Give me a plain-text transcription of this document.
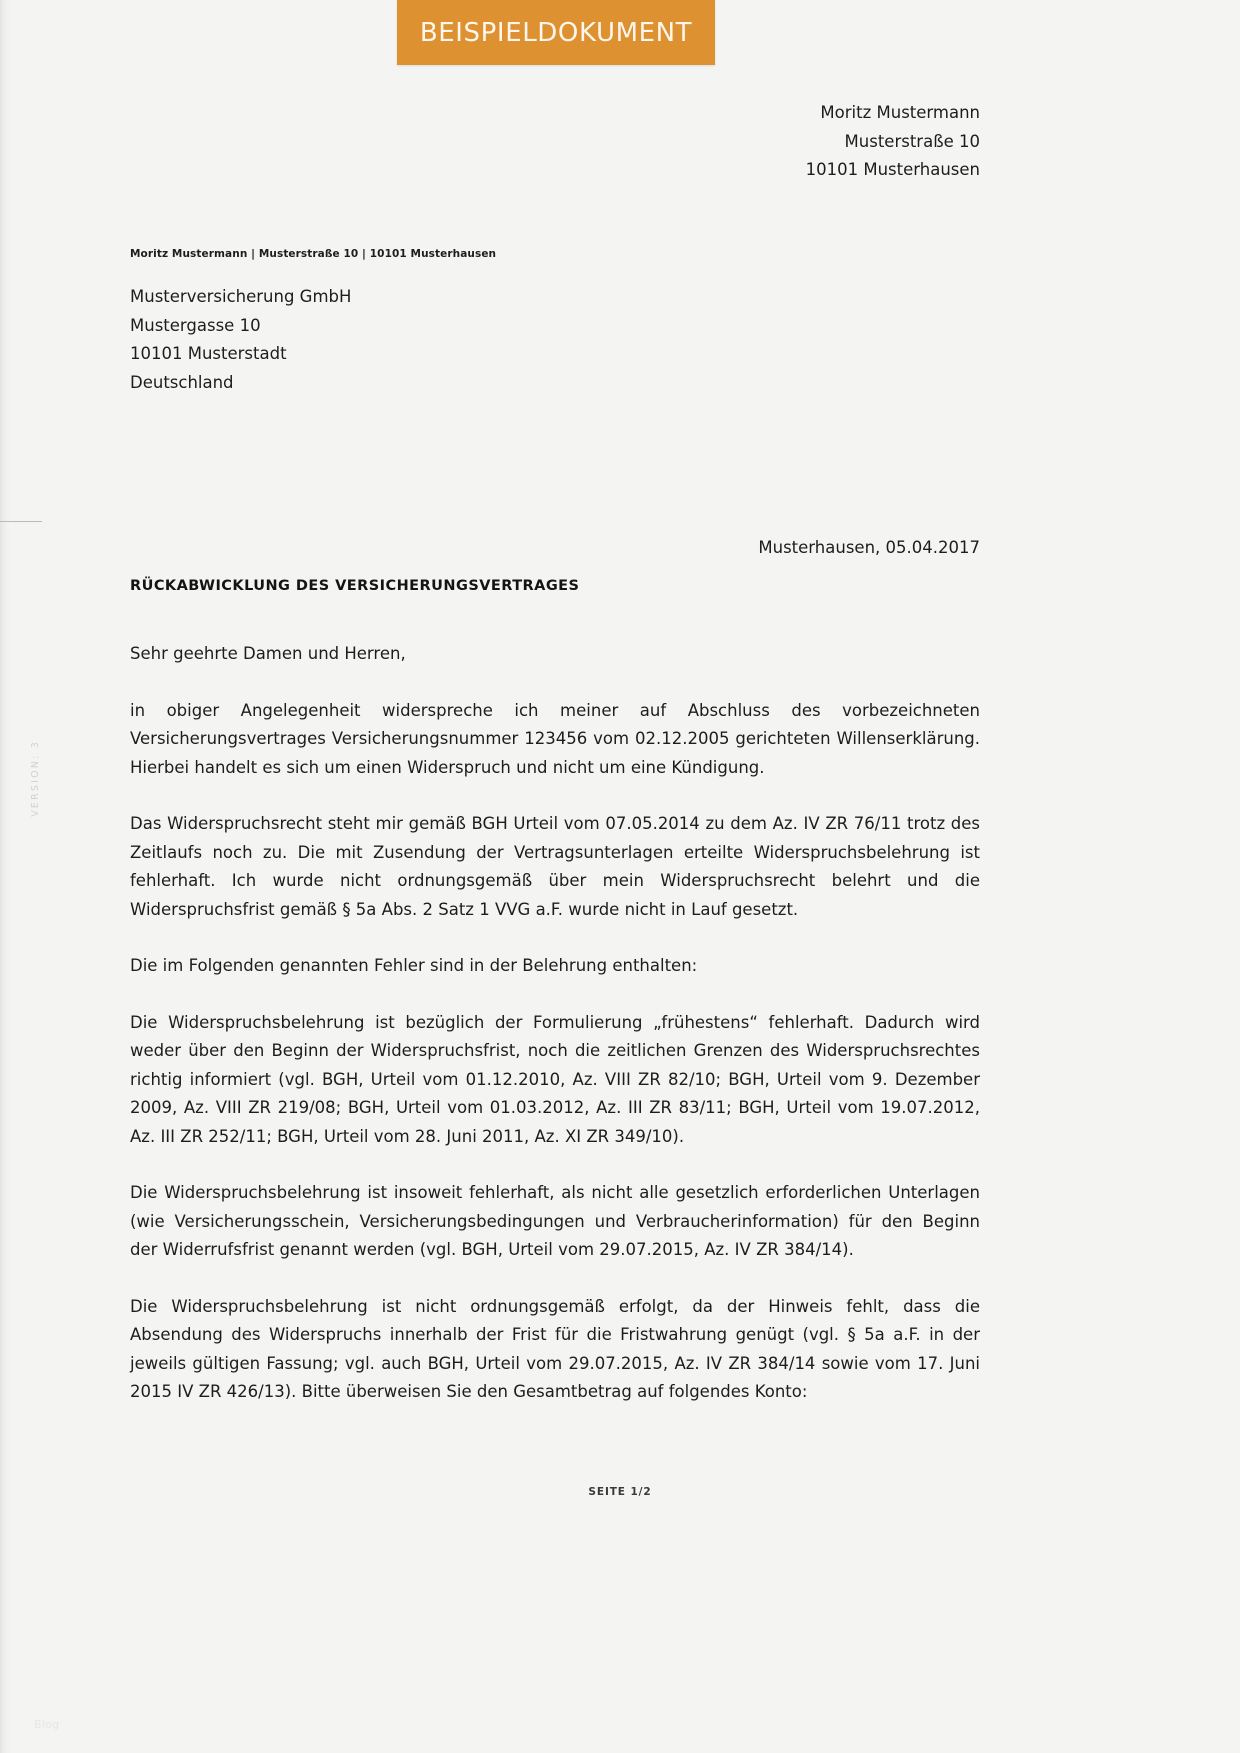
BEISPIELDOKUMENT
Moritz Mustermann
Musterstraße 10
10101 Musterhausen
Moritz Mustermann | Musterstraße 10 | 10101 Musterhausen
Musterversicherung GmbH
Mustergasse 10
10101 Musterstadt
Deutschland
VERSION: 3
Musterhausen, 05.04.2017
RÜCKABWICKLUNG DES VERSICHERUNGSVERTRAGES

Sehr geehrte Damen und Herren,

in obiger Angelegenheit widerspreche ich meiner auf Abschluss des vorbezeichneten Versicherungsvertrages Versicherungsnummer 123456 vom 02.12.2005 gerichteten Willenserklärung. Hierbei handelt es sich um einen Widerspruch und nicht um eine Kündigung.

Das Widerspruchsrecht steht mir gemäß BGH Urteil vom 07.05.2014 zu dem Az. IV ZR 76/11 trotz des Zeitlaufs noch zu. Die mit Zusendung der Vertragsunterlagen erteilte Widerspruchsbelehrung ist fehlerhaft. Ich wurde nicht ordnungsgemäß über mein Widerspruchsrecht belehrt und die Widerspruchsfrist gemäß § 5a Abs. 2 Satz 1 VVG a.F. wurde nicht in Lauf gesetzt.

Die im Folgenden genannten Fehler sind in der Belehrung enthalten:

Die Widerspruchsbelehrung ist bezüglich der Formulierung „frühestens“ fehlerhaft. Dadurch wird weder über den Beginn der Widerspruchsfrist, noch die zeitlichen Grenzen des Widerspruchsrechtes richtig informiert (vgl. BGH, Urteil vom 01.12.2010, Az. VIII ZR 82/10; BGH, Urteil vom 9. Dezember 2009, Az. VIII ZR 219/08; BGH, Urteil vom 01.03.2012, Az. III ZR 83/11; BGH, Urteil vom 19.07.2012, Az. III ZR 252/11; BGH, Urteil vom 28. Juni 2011, Az. XI ZR 349/10).

Die Widerspruchsbelehrung ist insoweit fehlerhaft, als nicht alle gesetzlich erforderlichen Unterlagen (wie Versicherungsschein, Versicherungsbedingungen und Verbraucherinformation) für den Beginn der Widerrufsfrist genannt werden (vgl. BGH, Urteil vom 29.07.2015, Az. IV ZR 384/14).

Die Widerspruchsbelehrung ist nicht ordnungsgemäß erfolgt, da der Hinweis fehlt, dass die Absendung des Widerspruchs innerhalb der Frist für die Fristwahrung genügt (vgl. § 5a a.F. in der jeweils gültigen Fassung; vgl. auch BGH, Urteil vom 29.07.2015, Az. IV ZR 384/14 sowie vom 17. Juni 2015 IV ZR 426/13). Bitte überweisen Sie den Gesamtbetrag auf folgendes Konto:

SEITE 1/2
Blog
